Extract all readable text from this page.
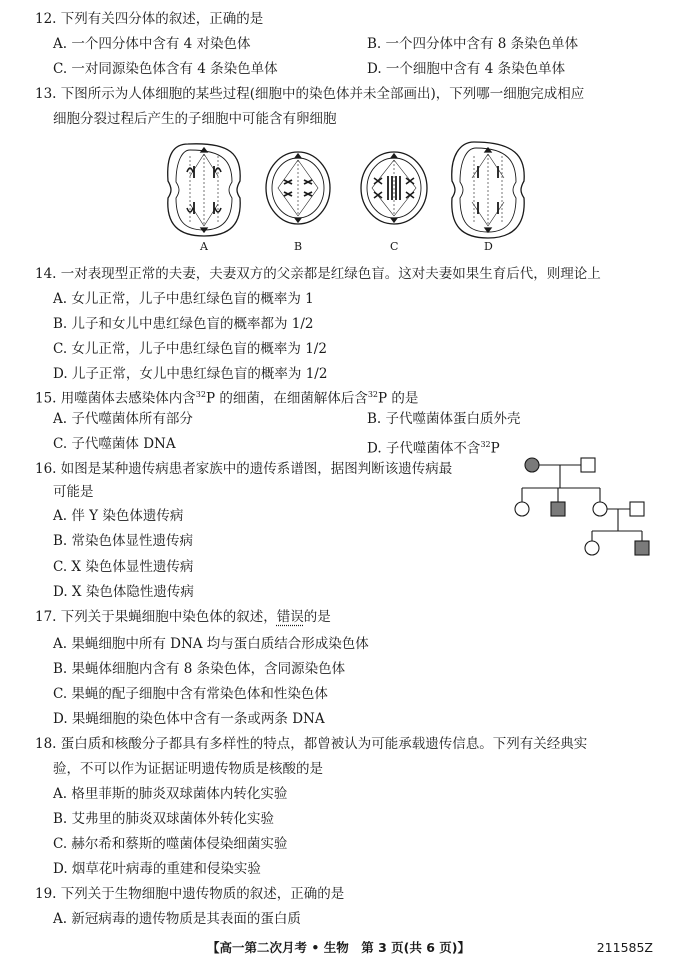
12. 下列有关四分体的叙述，正确的是
A. 一个四分体中含有 4 对染色体	B. 一个四分体中含有 8 条染色单体
C. 一对同源染色体含有 4 条染色单体	D. 一个细胞中含有 4 条染色单体
13. 下图所示为人体细胞的某些过程(细胞中的染色体并未全部画出)，下列哪一细胞完成相应
细胞分裂过程后产生的子细胞中可能含有卵细胞
A	B	C	D
14. 一对表现型正常的夫妻，夫妻双方的父亲都是红绿色盲。这对夫妻如果生育后代，则理论上
A. 女儿正常，儿子中患红绿色盲的概率为 1
B. 儿子和女儿中患红绿色盲的概率都为 1/2
C. 女儿正常，儿子中患红绿色盲的概率为 1/2
D. 儿子正常，女儿中患红绿色盲的概率为 1/2
15. 用噬菌体去感染体内含$^{32}$P 的细菌，在细菌解体后含$^{32}$P 的是
A. 子代噬菌体所有部分	B. 子代噬菌体蛋白质外壳
C. 子代噬菌体 DNA	D. 子代噬菌体不含$^{32}$P
16. 如图是某种遗传病患者家族中的遗传系谱图，据图判断该遗传病最
可能是
A. 伴 Y 染色体遗传病
B. 常染色体显性遗传病
C. X 染色体显性遗传病
D. X 染色体隐性遗传病
17. 下列关于果蝇细胞中染色体的叙述，错误的是
A. 果蝇细胞中所有 DNA 均与蛋白质结合形成染色体
B. 果蝇体细胞内含有 8 条染色体，含同源染色体
C. 果蝇的配子细胞中含有常染色体和性染色体
D. 果蝇细胞的染色体中含有一条或两条 DNA
18. 蛋白质和核酸分子都具有多样性的特点，都曾被认为可能承载遗传信息。下列有关经典实
验，不可以作为证据证明遗传物质是核酸的是
A. 格里菲斯的肺炎双球菌体内转化实验
B. 艾弗里的肺炎双球菌体外转化实验
C. 赫尔希和蔡斯的噬菌体侵染细菌实验
D. 烟草花叶病毒的重建和侵染实验
19. 下列关于生物细胞中遗传物质的叙述，正确的是
A. 新冠病毒的遗传物质是其表面的蛋白质
【高一第二次月考 • 生物　第 3 页(共 6 页)】	211585Z
